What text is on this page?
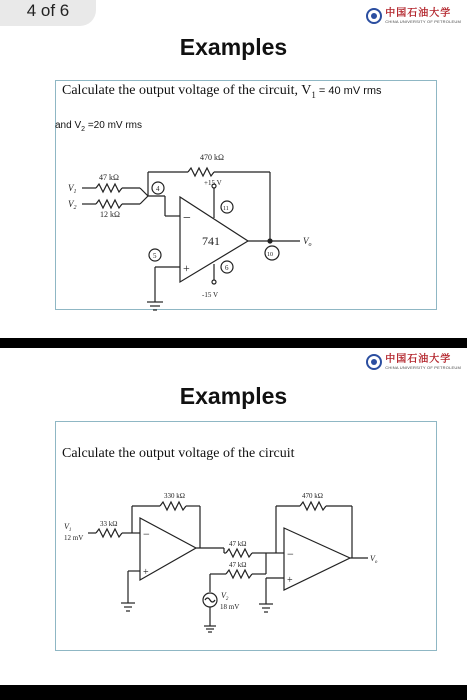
中国石油大学
CHINA UNIVERSITY OF PETROLEUM
Examples
Calculate the output voltage of the circuit, $V_1 = 40$ mV rms
and $V_2 =20$ mV rms
470 kΩ
47 kΩ
12 kΩ
$V_1$
$V_2$
+15 V
-15 V
741
−
+
$V_o$
4
5
6
10
11
中国石油大学
CHINA UNIVERSITY OF PETROLEUM
Examples
Calculate the output voltage of the circuit
330 kΩ
33 kΩ
$V_1$
12 mV
47 kΩ
47 kΩ
$V_2$
18 mV
470 kΩ
$V_o$
−
+
−
+
4 of 6
